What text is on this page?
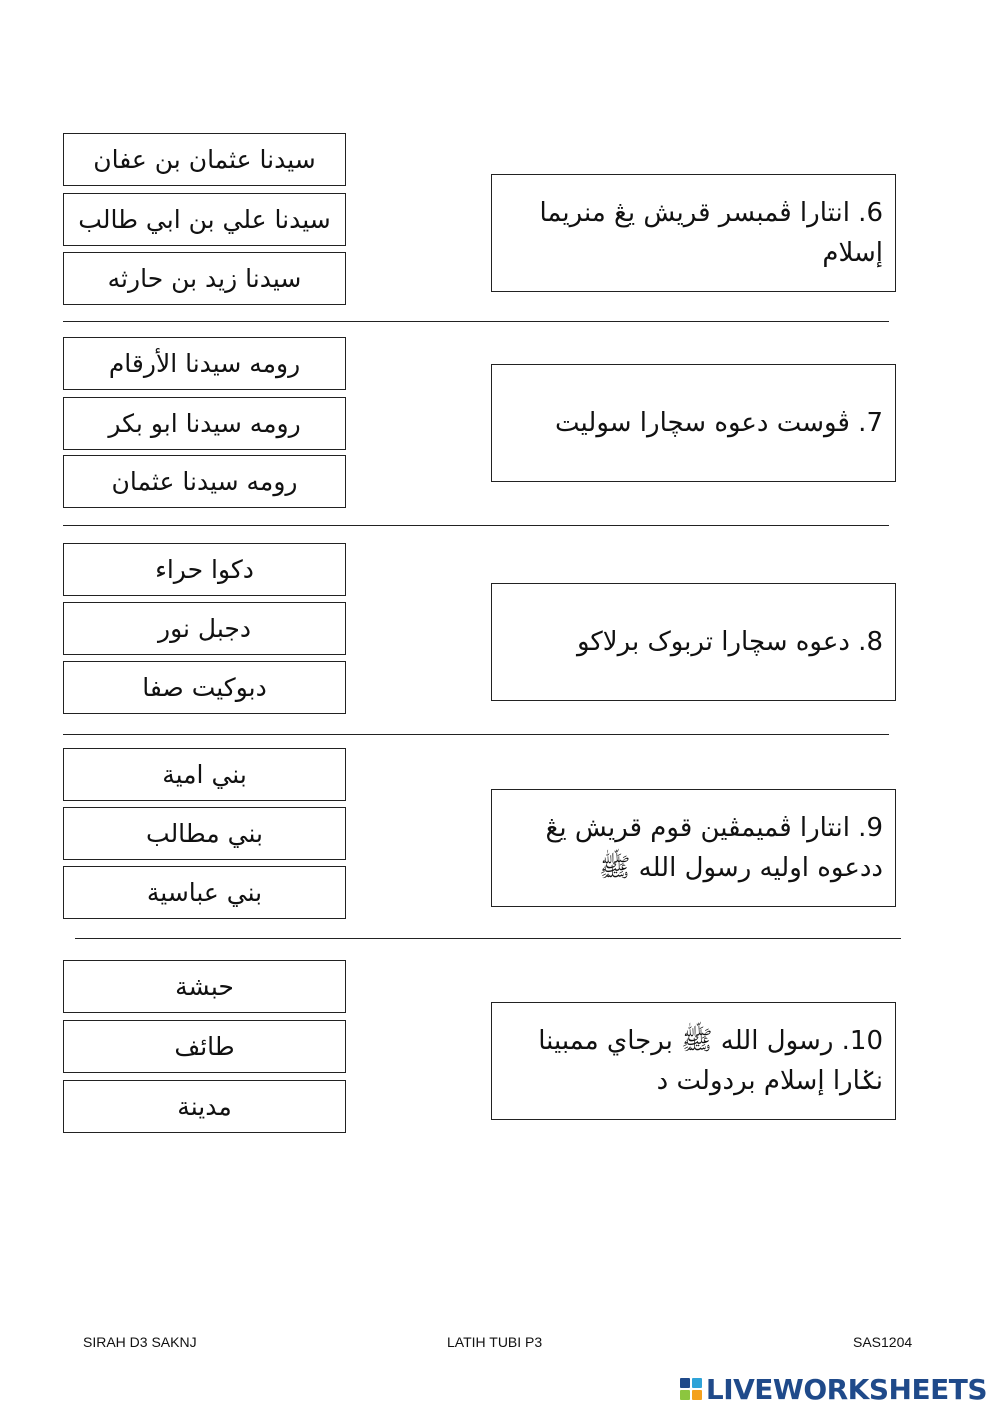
سيدنا عثمان بن عفان
سيدنا علي بن ابي طالب
سيدنا زيد بن حارثه
6. انتارا ڤمبسر قريش يڠ منريما إسلام
رومه سيدنا الأرقام
رومه سيدنا ابو بكر
رومه سيدنا عثمان
7. ڤوست دعوه سچارا سوليت
دکوا حراء
دجبل نور
دبوکيت صفا
8. دعوه سچارا تربوک برلاکو
بني امية
بني مطالب
بني عباسية
9. انتارا ڤميمڤين قوم قريش يڠ ددعوه اوليه رسول الله ﷺ
حبشة
طائف
مدينة
10. رسول الله ﷺ برجاي ممبينا نݢارا إسلام بردولت د
SIRAH D3 SAKNJ	LATIH TUBI P3	SAS1204
LIVEWORKSHEETS
